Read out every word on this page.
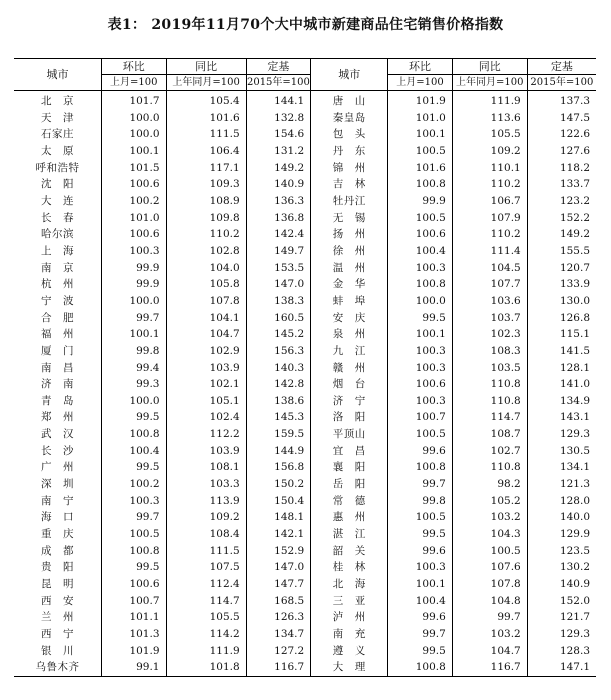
表1： 2019年11月70个大中城市新建商品住宅销售价格指数
城市	环比	同比	定基	城市	环比	同比	定基
	上月=100	上年同月=100	2015年=100		上月=100	上年同月=100	2015年=100
北　京	101.7	105.4	144.1	唐　山	101.9	111.9	137.3
天　津	100.0	101.6	132.8	秦皇岛	101.0	113.6	147.5
石家庄	100.0	111.5	154.6	包　头	100.1	105.5	122.6
太　原	100.1	106.4	131.2	丹　东	100.5	109.2	127.6
呼和浩特	101.5	117.1	149.2	锦　州	101.6	110.1	118.2
沈　阳	100.6	109.3	140.9	吉　林	100.8	110.2	133.7
大　连	100.2	108.9	136.3	牡丹江	99.9	106.7	123.2
长　春	101.0	109.8	136.8	无　锡	100.5	107.9	152.2
哈尔滨	100.6	110.2	142.4	扬　州	100.6	110.2	149.2
上　海	100.3	102.8	149.7	徐　州	100.4	111.4	155.5
南　京	99.9	104.0	153.5	温　州	100.3	104.5	120.7
杭　州	99.9	105.8	147.0	金　华	100.8	107.7	133.9
宁　波	100.0	107.8	138.3	蚌　埠	100.0	103.6	130.0
合　肥	99.7	104.1	160.5	安　庆	99.5	103.7	126.8
福　州	100.1	104.7	145.2	泉　州	100.1	102.3	115.1
厦　门	99.8	102.9	156.3	九　江	100.3	108.3	141.5
南　昌	99.4	103.9	140.3	赣　州	100.3	103.5	128.1
济　南	99.3	102.1	142.8	烟　台	100.6	110.8	141.0
青　岛	100.0	105.1	138.6	济　宁	100.3	110.8	134.9
郑　州	99.5	102.4	145.3	洛　阳	100.7	114.7	143.1
武　汉	100.8	112.2	159.5	平顶山	100.5	108.7	129.3
长　沙	100.4	103.9	144.9	宜　昌	99.6	102.7	130.5
广　州	99.5	108.1	156.8	襄　阳	100.8	110.8	134.1
深　圳	100.2	103.3	150.2	岳　阳	99.7	98.2	121.3
南　宁	100.3	113.9	150.4	常　德	99.8	105.2	128.0
海　口	99.7	109.2	148.1	惠　州	100.5	103.2	140.0
重　庆	100.5	108.4	142.1	湛　江	99.5	104.3	129.9
成　都	100.8	111.5	152.9	韶　关	99.6	100.5	123.5
贵　阳	99.5	107.5	147.0	桂　林	100.3	107.6	130.2
昆　明	100.6	112.4	147.7	北　海	100.1	107.8	140.9
西　安	100.7	114.7	168.5	三　亚	100.4	104.8	152.0
兰　州	101.1	105.5	126.3	泸　州	99.6	99.7	121.7
西　宁	101.3	114.2	134.7	南　充	99.7	103.2	129.3
银　川	101.9	111.9	127.2	遵　义	99.5	104.7	128.3
乌鲁木齐	99.1	101.8	116.7	大　理	100.8	116.7	147.1
